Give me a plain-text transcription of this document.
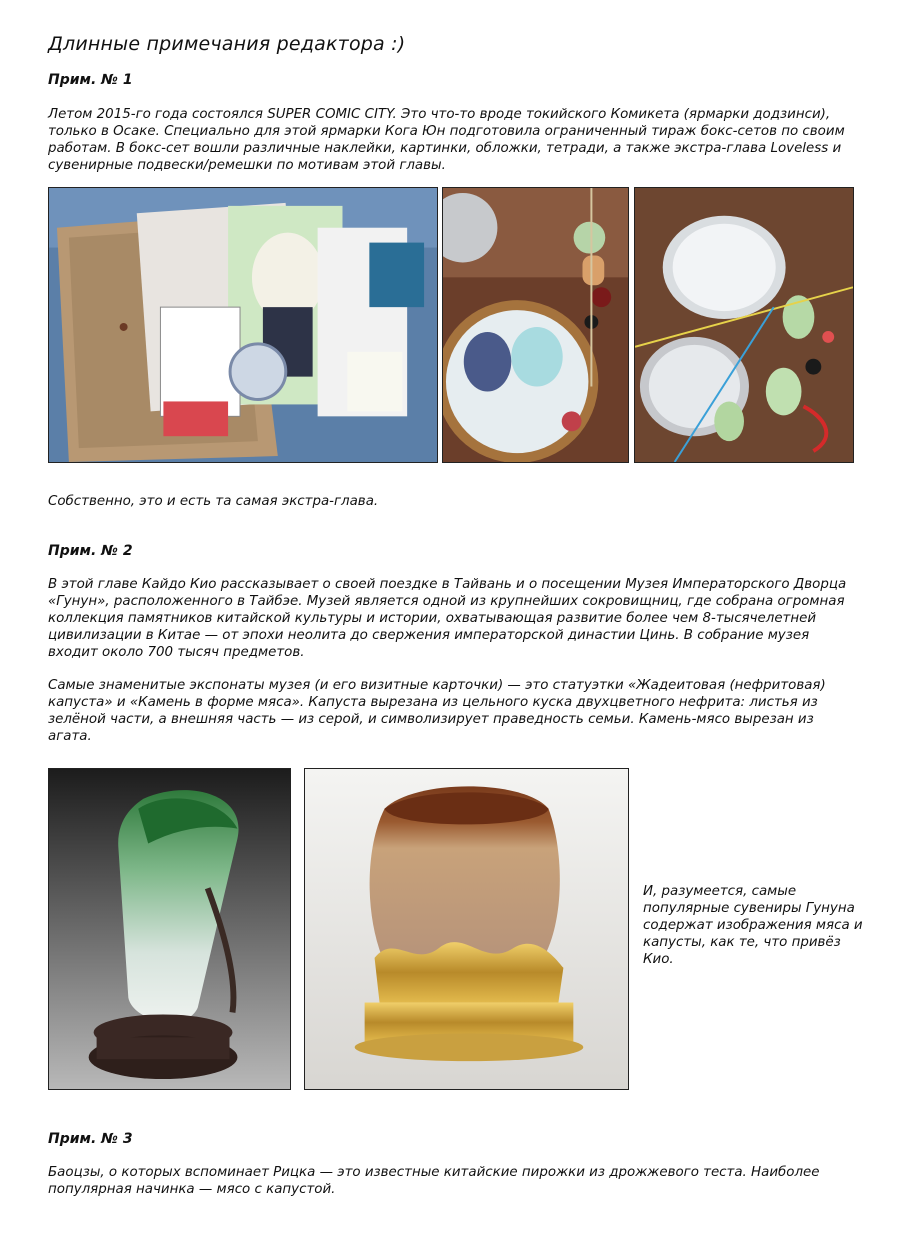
Длинные примечания редактора :)
Прим. № 1

Летом 2015-го года состоялся SUPER COMIC CITY. Это что-то вроде токийского Комикета (ярмарки додзинси), только в Осаке. Специально для этой ярмарки Кога Юн подготовила ограниченный тираж бокс-сетов по своим работам. В бокс-сет вошли различные наклейки, картинки, обложки, тетради, а также экстра-глава Loveless и сувенирные подвески/ремешки по мотивам этой главы.

Собственно, это и есть та самая экстра-глава.

Прим. № 2

В этой главе Кайдо Кио рассказывает о своей поездке в Тайвань и о посещении Музея Императорского Дворца «Гунун», расположенного в Тайбэе. Музей является одной из крупнейших сокровищниц, где собрана огромная коллекция памятников китайской культуры и истории, охватывающая развитие более чем 8-тысячелетней цивилизации в Китае — от эпохи неолита до свержения императорской династии Цинь. В собрание музея входит около 700 тысяч предметов.

Самые знаменитые экспонаты музея (и его визитные карточки) — это статуэтки «Жадеитовая (нефритовая) капуста» и «Камень в форме мяса». Капуста вырезана из цельного куска двухцветного нефрита: листья из зелёной части, а внешняя часть — из серой, и символизирует праведность семьи. Камень-мясо вырезан из агата.

И, разумеется, самые популярные сувениры Гунуна содержат изображения мяса и капусты, как те, что привёз Кио.

Прим. № 3

Баоцзы, о которых вспоминает Рицка — это известные китайские пирожки из дрожжевого теста. Наиболее популярная начинка — мясо с капустой.
